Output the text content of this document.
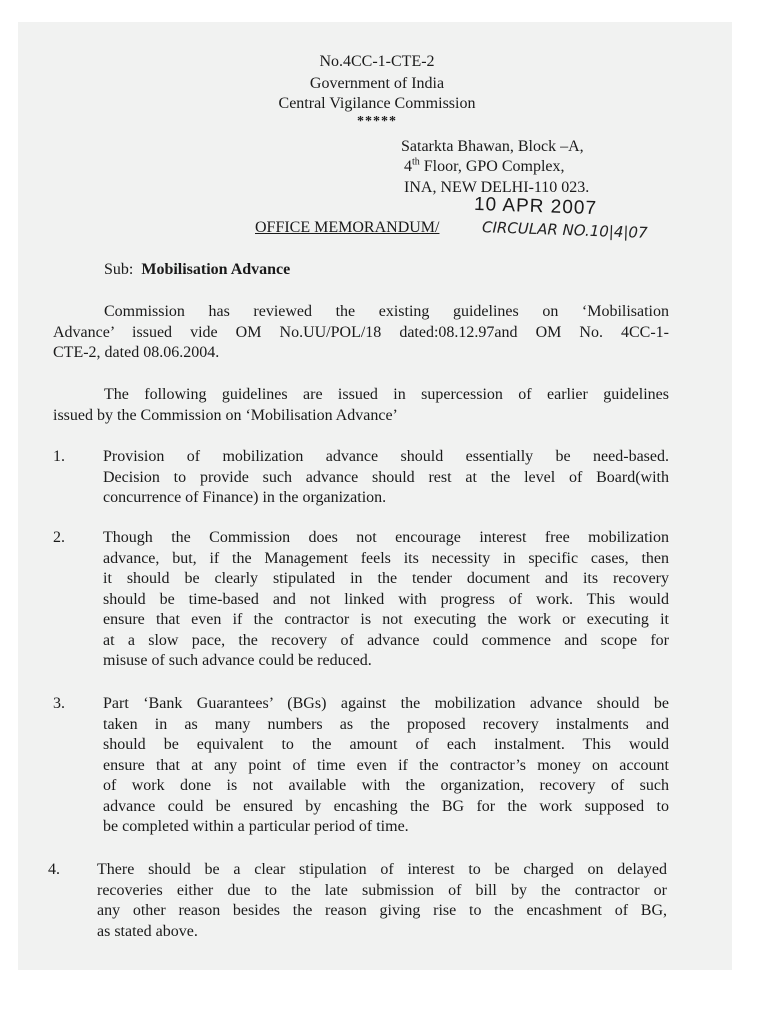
No.4CC-1-CTE-2
Government of India
Central Vigilance Commission
*****
Satarkta Bhawan, Block –A,
4th Floor, GPO Complex,
INA, NEW DELHI-110 023.
10 APR 2007
OFFICE MEMORANDUM/	CIRCULAR NO.10|4|07
Sub: Mobilisation Advance
Commission has reviewed the existing guidelines on ‘Mobilisation
Advance’ issued vide OM No.UU/POL/18 dated:08.12.97and OM No. 4CC-1-
CTE-2, dated 08.06.2004.
The following guidelines are issued in supercession of earlier guidelines
issued by the Commission on ‘Mobilisation Advance’
1. Provision of mobilization advance should essentially be need-based.
Decision to provide such advance should rest at the level of Board(with
concurrence of Finance) in the organization.
2. Though the Commission does not encourage interest free mobilization
advance, but, if the Management feels its necessity in specific cases, then
it should be clearly stipulated in the tender document and its recovery
should be time-based and not linked with progress of work. This would
ensure that even if the contractor is not executing the work or executing it
at a slow pace, the recovery of advance could commence and scope for
misuse of such advance could be reduced.
3. Part ‘Bank Guarantees’ (BGs) against the mobilization advance should be
taken in as many numbers as the proposed recovery instalments and
should be equivalent to the amount of each instalment. This would
ensure that at any point of time even if the contractor’s money on account
of work done is not available with the organization, recovery of such
advance could be ensured by encashing the BG for the work supposed to
be completed within a particular period of time.
4. There should be a clear stipulation of interest to be charged on delayed
recoveries either due to the late submission of bill by the contractor or
any other reason besides the reason giving rise to the encashment of BG,
as stated above.
